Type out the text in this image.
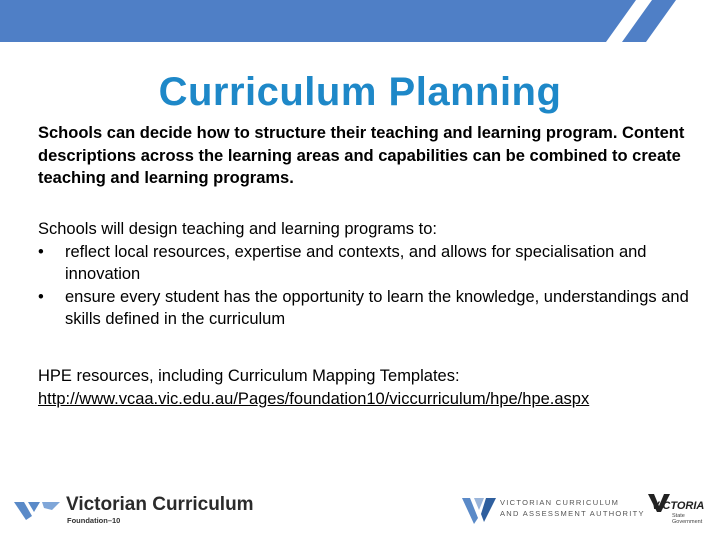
Curriculum Planning
Schools can decide how to structure their teaching and learning program. Content descriptions across the learning areas and capabilities can be combined to create teaching and learning programs.
Schools will design teaching and learning programs to:
• reflect local resources, expertise and contexts, and allows for specialisation and innovation
• ensure every student has the opportunity to learn the knowledge, understandings and skills defined in the curriculum
HPE resources, including Curriculum Mapping Templates:
http://www.vcaa.vic.edu.au/Pages/foundation10/viccurriculum/hpe/hpe.aspx
Victorian Curriculum
Foundation–10
VICTORIAN CURRICULUM
AND ASSESSMENT AUTHORITY
VICTORIA
State
Government
